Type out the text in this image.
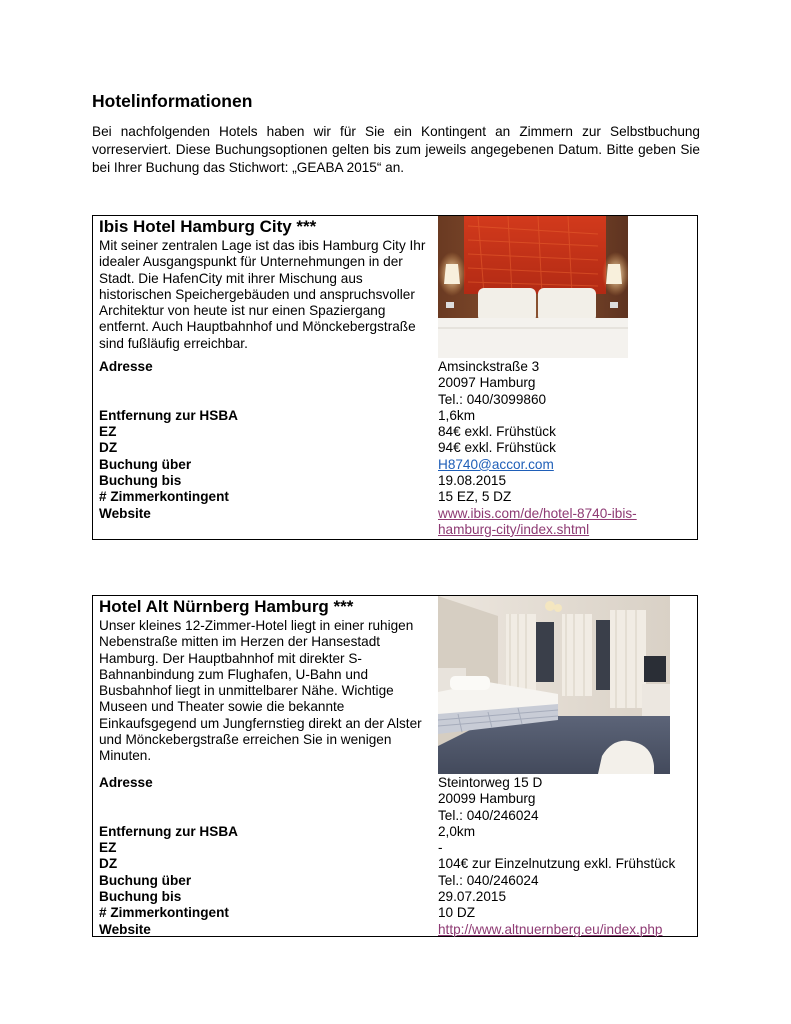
Hotelinformationen

Bei nachfolgenden Hotels haben wir für Sie ein Kontingent an Zimmern zur Selbstbuchung vorreserviert. Diese Buchungsoptionen gelten bis zum jeweils angegebenen Datum. Bitte geben Sie bei Ihrer Buchung das Stichwort: „GEABA 2015“ an.

Ibis Hotel Hamburg City ***

Mit seiner zentralen Lage ist das ibis Hamburg City Ihr idealer Ausgangspunkt für Unternehmungen in der Stadt. Die HafenCity mit ihrer Mischung aus historischen Speichergebäuden und anspruchsvoller Architektur von heute ist nur einen Spaziergang entfernt. Auch Hauptbahnhof und Mönckebergstraße sind fußläufig erreichbar.

Adresse	Amsinckstraße 3
20097 Hamburg
Tel.: 040/3099860
Entfernung zur HSBA	1,6km
EZ	84€ exkl. Frühstück
DZ	94€ exkl. Frühstück
Buchung über	H8740@accor.com
Buchung bis	19.08.2015
# Zimmerkontingent	15 EZ, 5 DZ
Website	www.ibis.com/de/hotel-8740-ibis-
hamburg-city/index.shtml
Hotel Alt Nürnberg Hamburg ***

Unser kleines 12-Zimmer-Hotel liegt in einer ruhigen Nebenstraße mitten im Herzen der Hansestadt Hamburg. Der Hauptbahnhof mit direkter S-Bahnanbindung zum Flughafen, U-Bahn und Busbahnhof liegt in unmittelbarer Nähe. Wichtige Museen und Theater sowie die bekannte Einkaufsgegend um Jungfernstieg direkt an der Alster und Mönckebergstraße erreichen Sie in wenigen Minuten.

Adresse	Steintorweg 15 D
20099 Hamburg
Tel.: 040/246024
Entfernung zur HSBA	2,0km
EZ	-
DZ	104€ zur Einzelnutzung exkl. Frühstück
Buchung über	Tel.: 040/246024
Buchung bis	29.07.2015
# Zimmerkontingent	10 DZ
Website	http://www.altnuernberg.eu/index.php
